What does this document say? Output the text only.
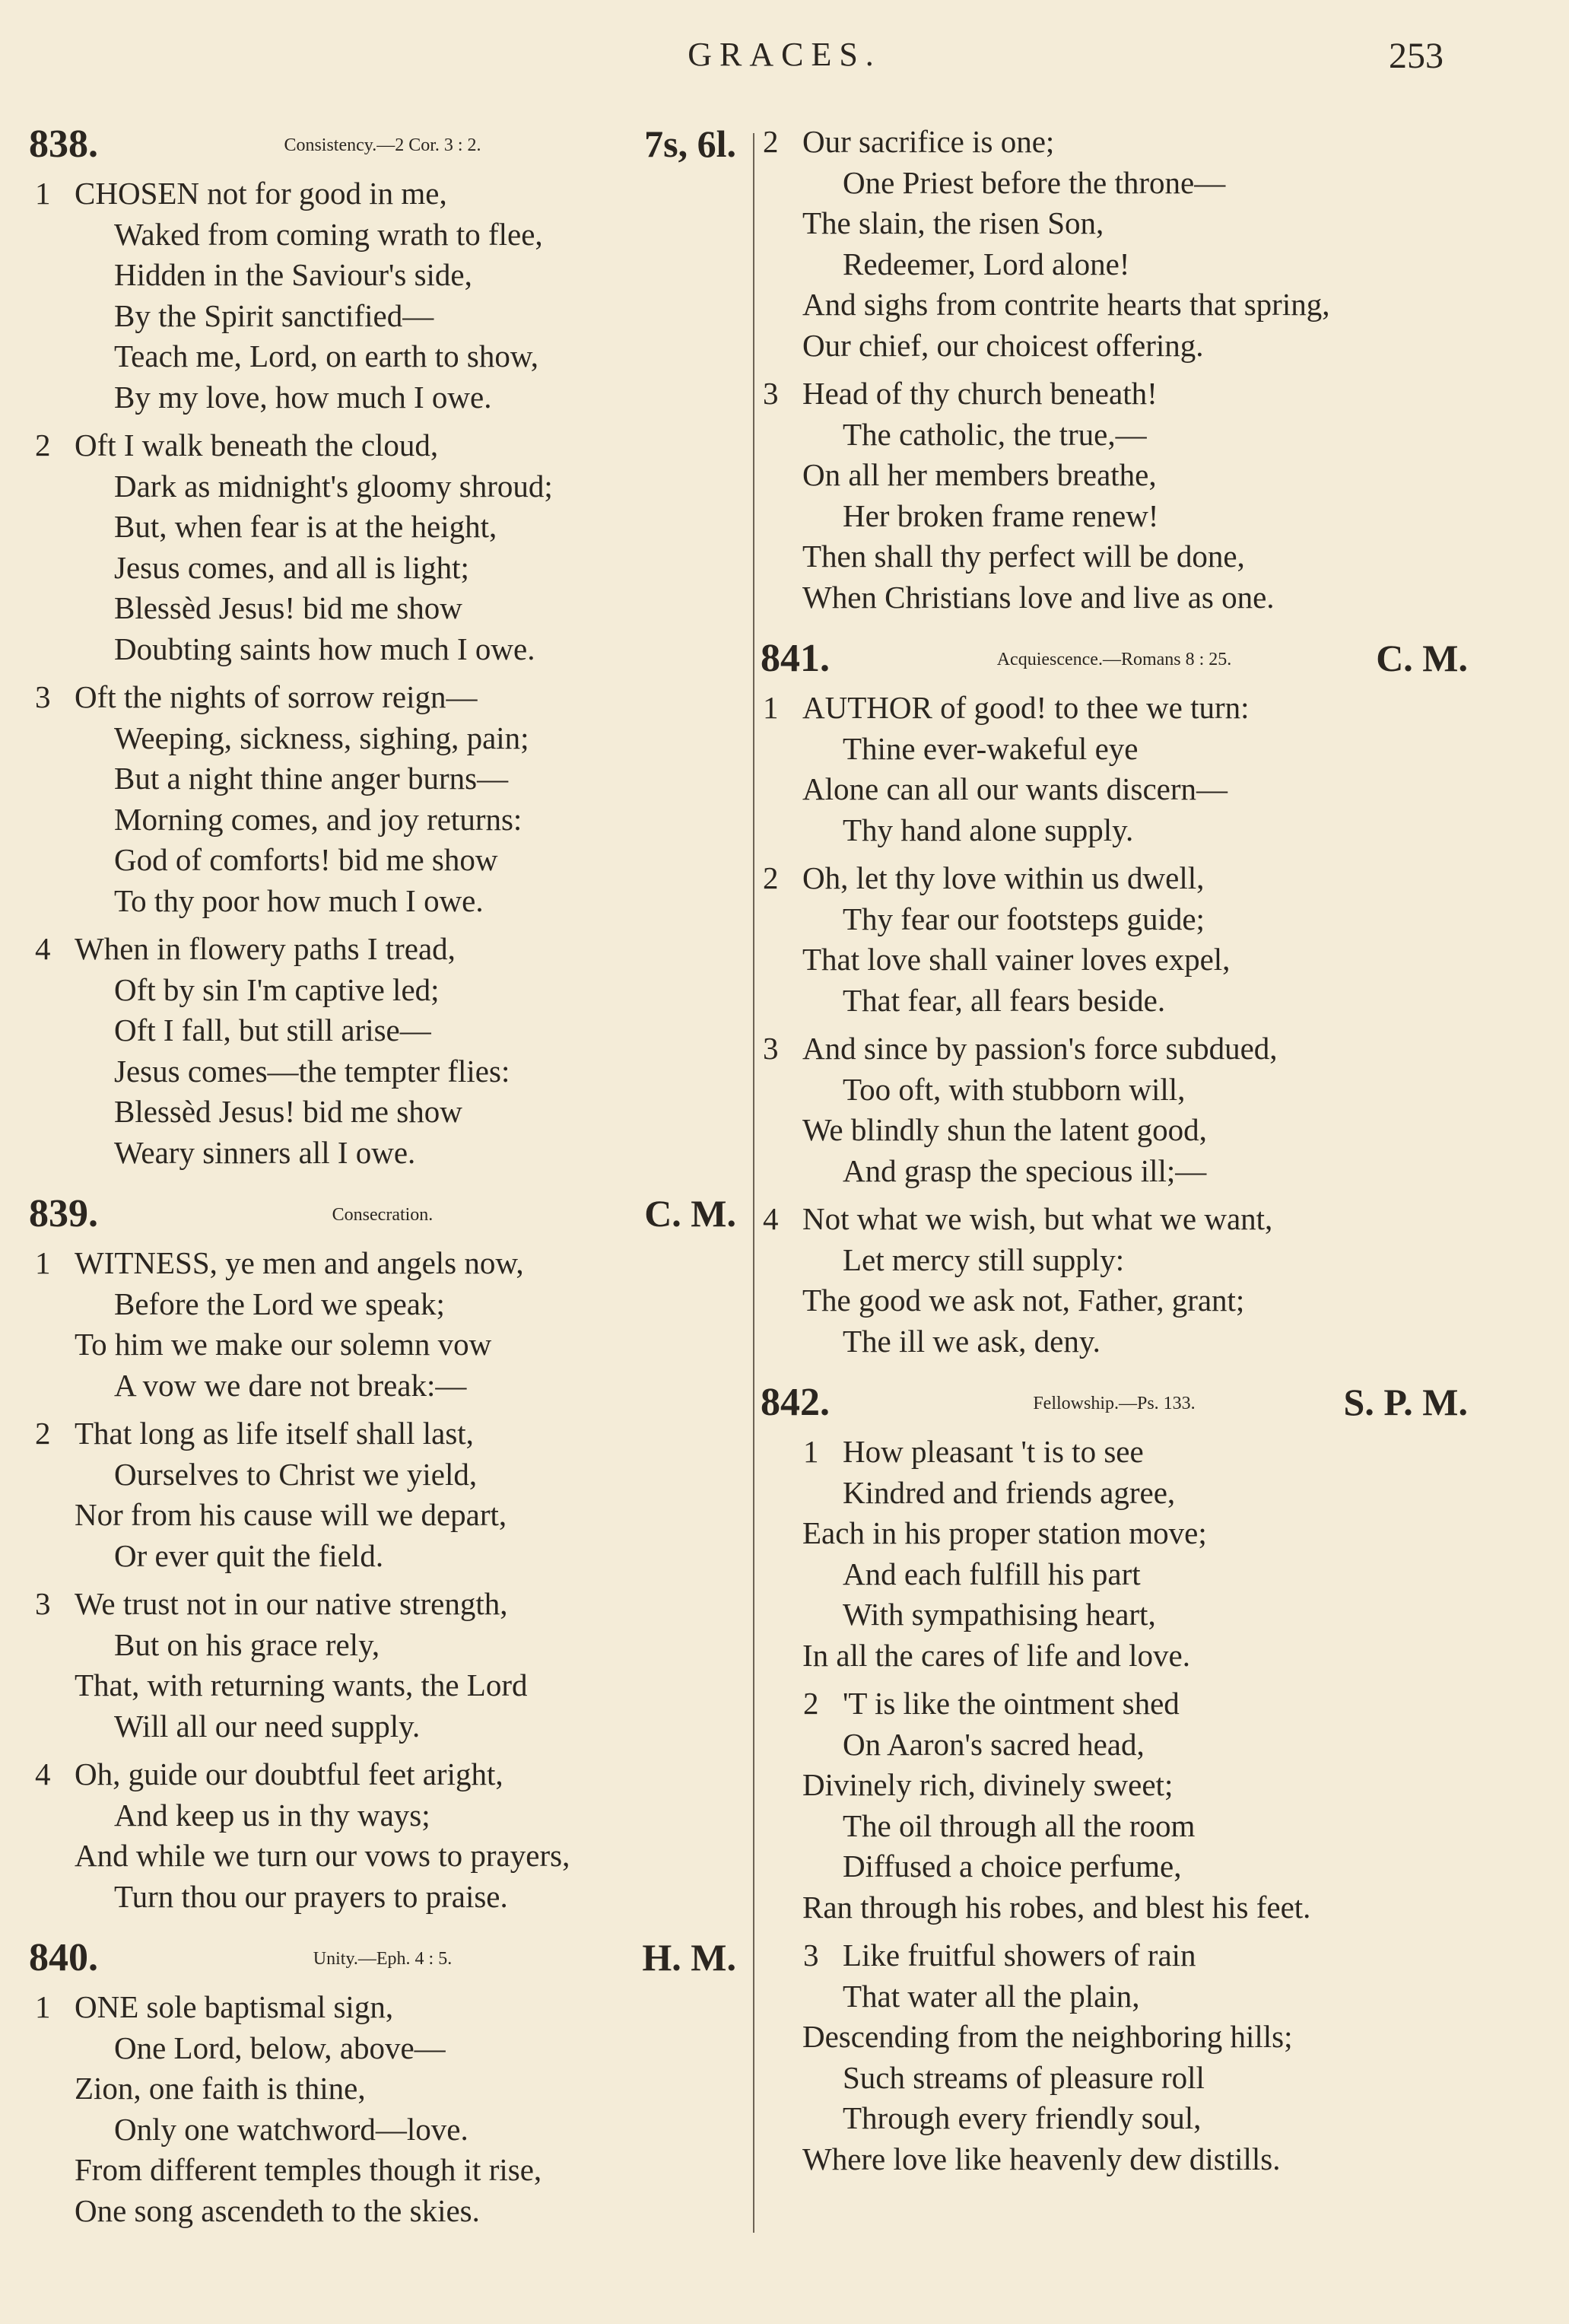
GRACES.	253
838.	Consistency.—2 Cor. 3 : 2.	7s, 6l.
1 CHOSEN not for good in me,
Waked from coming wrath to flee,
Hidden in the Saviour's side,
By the Spirit sanctified—
Teach me, Lord, on earth to show,
By my love, how much I owe.
2 Oft I walk beneath the cloud,
Dark as midnight's gloomy shroud;
But, when fear is at the height,
Jesus comes, and all is light;
Blessèd Jesus! bid me show
Doubting saints how much I owe.
3 Oft the nights of sorrow reign—
Weeping, sickness, sighing, pain;
But a night thine anger burns—
Morning comes, and joy returns:
God of comforts! bid me show
To thy poor how much I owe.
4 When in flowery paths I tread,
Oft by sin I'm captive led;
Oft I fall, but still arise—
Jesus comes—the tempter flies:
Blessèd Jesus! bid me show
Weary sinners all I owe.
839.	Consecration.	C. M.
1 WITNESS, ye men and angels now,
Before the Lord we speak;
To him we make our solemn vow
A vow we dare not break:—
2 That long as life itself shall last,
Ourselves to Christ we yield,
Nor from his cause will we depart,
Or ever quit the field.
3 We trust not in our native strength,
But on his grace rely,
That, with returning wants, the Lord
Will all our need supply.
4 Oh, guide our doubtful feet aright,
And keep us in thy ways;
And while we turn our vows to prayers,
Turn thou our prayers to praise.
840.	Unity.—Eph. 4 : 5.	H. M.
1 ONE sole baptismal sign,
One Lord, below, above—
Zion, one faith is thine,
Only one watchword—love.
From different temples though it rise,
One song ascendeth to the skies.
2 Our sacrifice is one;
One Priest before the throne—
The slain, the risen Son,
Redeemer, Lord alone!
And sighs from contrite hearts that spring,
Our chief, our choicest offering.
3 Head of thy church beneath!
The catholic, the true,—
On all her members breathe,
Her broken frame renew!
Then shall thy perfect will be done,
When Christians love and live as one.
841.	Acquiescence.—Romans 8 : 25.	C. M.
1 AUTHOR of good! to thee we turn:
Thine ever-wakeful eye
Alone can all our wants discern—
Thy hand alone supply.
2 Oh, let thy love within us dwell,
Thy fear our footsteps guide;
That love shall vainer loves expel,
That fear, all fears beside.
3 And since by passion's force subdued,
Too oft, with stubborn will,
We blindly shun the latent good,
And grasp the specious ill;—
4 Not what we wish, but what we want,
Let mercy still supply:
The good we ask not, Father, grant;
The ill we ask, deny.
842.	Fellowship.—Ps. 133.	S. P. M.
1 How pleasant 't is to see
Kindred and friends agree,
Each in his proper station move;
And each fulfill his part
With sympathising heart,
In all the cares of life and love.
2 'T is like the ointment shed
On Aaron's sacred head,
Divinely rich, divinely sweet;
The oil through all the room
Diffused a choice perfume,
Ran through his robes, and blest his feet.
3 Like fruitful showers of rain
That water all the plain,
Descending from the neighboring hills;
Such streams of pleasure roll
Through every friendly soul,
Where love like heavenly dew distills.
